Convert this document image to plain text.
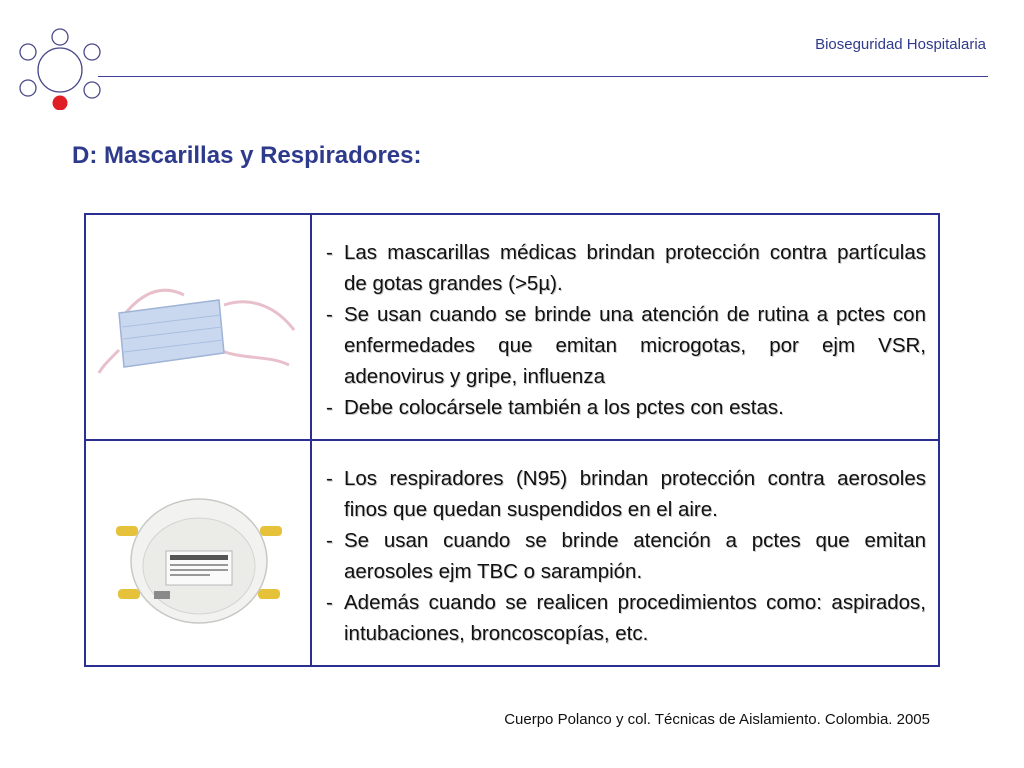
Bioseguridad Hospitalaria
D: Mascarillas y Respiradores:
- Las mascarillas médicas brindan protección contra partículas de gotas grandes (>5µ).
- Se usan cuando se brinde una atención de rutina a pctes con enfermedades que emitan microgotas, por ejm VSR, adenovirus y gripe, influenza
- Debe colocársele también a los pctes con estas.
- Los respiradores (N95) brindan protección contra aerosoles finos que quedan suspendidos en el aire.
- Se usan cuando se brinde atención a pctes que emitan aerosoles ejm TBC o sarampión.
- Además cuando se realicen procedimientos como: aspirados, intubaciones, broncoscopías, etc.
Cuerpo Polanco y col. Técnicas de Aislamiento. Colombia. 2005
